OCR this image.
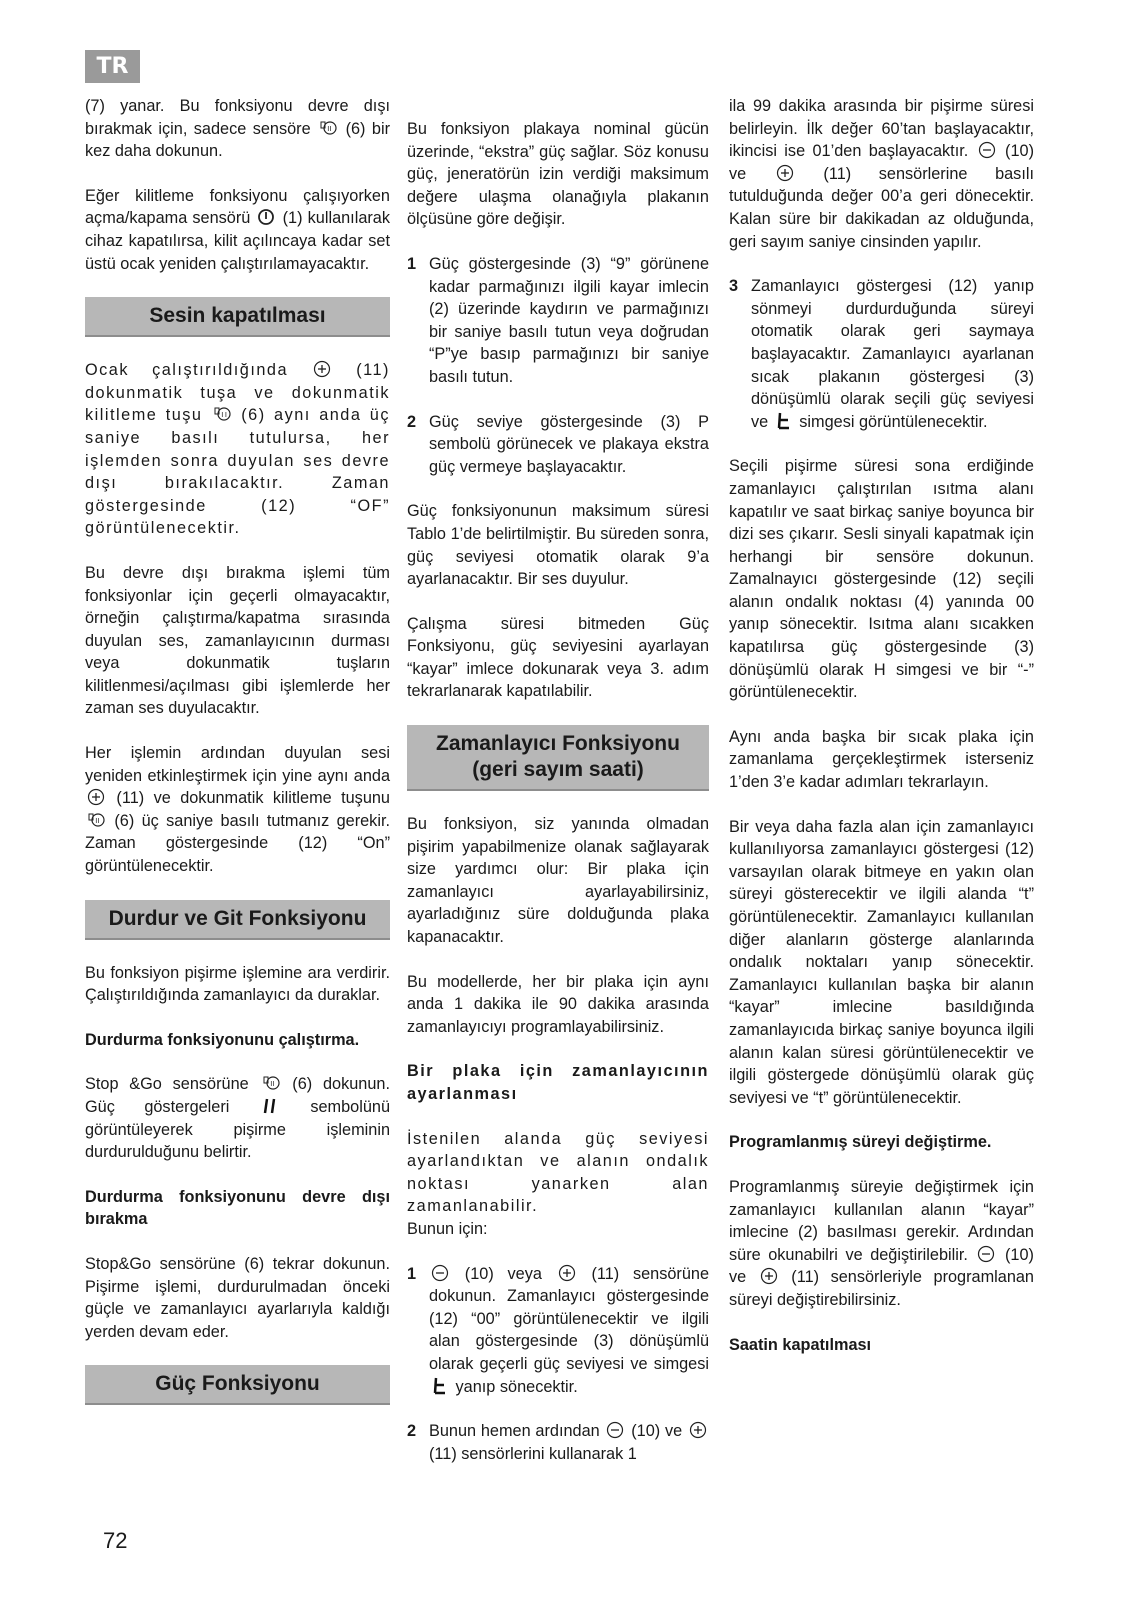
TR

(7) yanar. Bu fonksiyonu devre dışı bırakmak için, sadece sensöre II (6) bir kez daha dokunun.

Eğer kilitleme fonksiyonu çalışıyorken açma/kapama sensörü (1) kullanılarak cihaz kapatılırsa, kilit açılıncaya kadar set üstü ocak yeniden çalıştırılamayacaktır.

Sesin kapatılması

Ocak çalıştırıldığında	(11) dokunmatik tuşa ve dokunmatik kilitleme tuşu	II (6) aynı anda üç saniye basılı tutulursa, her işlemden sonra duyulan ses devre dışı bırakılacaktır. Zaman göstergesinde (12) “OF” görüntülenecektir.

Bu devre dışı bırakma işlemi tüm fonksiyonlar için geçerli olmayacaktır, örneğin çalıştırma/kapatma sırasında duyulan ses, zamanlayıcının durması veya dokunmatik tuşların kilitlenmesi/açılması gibi işlemlerde her zaman ses duyulacaktır.

Her işlemin ardından duyulan sesi yeniden etkinleştirmek için yine aynı anda
(11) ve dokunmatik kilitleme tuşunu
II (6) üç saniye basılı tutmanız gerekir. Zaman göstergesinde (12) “On” görüntülenecektir.

Durdur ve Git Fonksiyonu

Bu fonksiyon pişirme işlemine ara verdirir. Çalıştırıldığında zamanlayıcı da duraklar.

Durdurma fonksiyonunu çalıştırma.

Stop &Go sensörüne	II (6) dokunun. Güç göstergeleri	sembolünü görüntüleyerek pişirme işleminin durdurulduğunu belirtir.

Durdurma fonksiyonunu devre dışı bırakma

Stop&Go sensörüne (6) tekrar dokunun. Pişirme işlemi, durdurulmadan önceki güçle ve zamanlayıcı ayarlarıyla kaldığı yerden devam eder.

Güç Fonksiyonu

Bu fonksiyon plakaya nominal gücün üzerinde, “ekstra” güç sağlar. Söz konusu güç, jeneratörün izin verdiği maksimum değere ulaşma olanağıyla plakanın ölçüsüne göre değişir.

1 Güç göstergesinde (3) “9” görünene kadar parmağınızı ilgili kayar imlecin (2) üzerinde kaydırın ve parmağınızı bir saniye basılı tutun veya doğrudan “P”ye basıp parmağınızı bir saniye basılı tutun.
2 Güç seviye göstergesinde (3) P sembolü görünecek ve plakaya ekstra güç vermeye başlayacaktır.

Güç fonksiyonunun maksimum süresi Tablo 1’de belirtilmiştir. Bu süreden sonra, güç seviyesi otomatik olarak 9’a ayarlanacaktır. Bir ses duyulur.

Çalışma süresi bitmeden Güç Fonksiyonu, güç seviyesini ayarlayan “kayar” imlece dokunarak veya 3. adım tekrarlanarak kapatılabilir.

Zamanlayıcı Fonksiyonu
(geri sayım saati)

Bu fonksiyon, siz yanında olmadan pişirim yapabilmenize olanak sağlayarak size yardımcı olur: Bir plaka için zamanlayıcı ayarlayabilirsiniz, ayarladığınız süre dolduğunda plaka kapanacaktır.

Bu modellerde, her bir plaka için aynı anda 1 dakika ile 90 dakika arasında zamanlayıcıyı programlayabilirsiniz.

Bir plaka için zamanlayıcının ayarlanması

İstenilen alanda güç seviyesi ayarlandıktan ve alanın ondalık noktası yanarken alan zamanlanabilir.

Bunun için:

1	(10) veya	(11) sensörüne dokunun. Zamanlayıcı göstergesinde (12) “00” görüntülenecektir ve ilgili alan göstergesinde (3) dönüşümlü olarak geçerli güç seviyesi ve simgesi
yanıp sönecektir.
2 Bunun hemen ardından (10) ve
(11) sensörlerini kullanarak 1

ila 99 dakika arasında bir pişirme süresi belirleyin. İlk değer 60’tan başlayacaktır, ikincisi ise 01’den başlayacaktır. (10) ve	(11) sensörlerine basılı tutulduğunda değer 00’a geri dönecektir. Kalan süre bir dakikadan az olduğunda, geri sayım saniye cinsinden yapılır.

3 Zamanlayıcı göstergesi (12) yanıp sönmeyi durdurduğunda süreyi otomatik olarak geri saymaya başlayacaktır. Zamanlayıcı ayarlanan sıcak plakanın göstergesi (3) dönüşümlü olarak seçili güç seviyesi ve simgesi görüntülenecektir.

Seçili pişirme süresi sona erdiğinde zamanlayıcı çalıştırılan ısıtma alanı kapatılır ve saat birkaç saniye boyunca bir dizi ses çıkarır. Sesli sinyali kapatmak için herhangi bir sensöre dokunun. Zamalnayıcı göstergesinde (12) seçili alanın ondalık noktası (4) yanında 00 yanıp sönecektir. Isıtma alanı sıcakken kapatılırsa güç göstergesinde (3) dönüşümlü olarak H simgesi ve bir “-” görüntülenecektir.

Aynı anda başka bir sıcak plaka için zamanlama gerçekleştirmek isterseniz 1’den 3’e kadar adımları tekrarlayın.

Bir veya daha fazla alan için zamanlayıcı kullanılıyorsa zamanlayıcı göstergesi (12) varsayılan olarak bitmeye en yakın olan süreyi gösterecektir ve ilgili alanda “t” görüntülenecektir. Zamanlayıcı kullanılan diğer alanların gösterge alanlarında ondalık noktaları yanıp sönecektir. Zamanlayıcı kullanılan başka bir alanın “kayar” imlecine basıldığında zamanlayıcıda birkaç saniye boyunca ilgili alanın kalan süresi görüntülenecektir ve ilgili göstergede dönüşümlü olarak güç seviyesi ve “t” görüntülenecektir.

Programlanmış süreyi değiştirme.

Programlanmış süreyie değiştirmek için zamanlayıcı kullanılan alanın “kayar” imlecine (2) basılması gerekir. Ardından süre okunabilri ve değiştirilebilir. (10) ve	(11) sensörleriyle programlanan süreyi değiştirebilirsiniz.

Saatin kapatılması

72
